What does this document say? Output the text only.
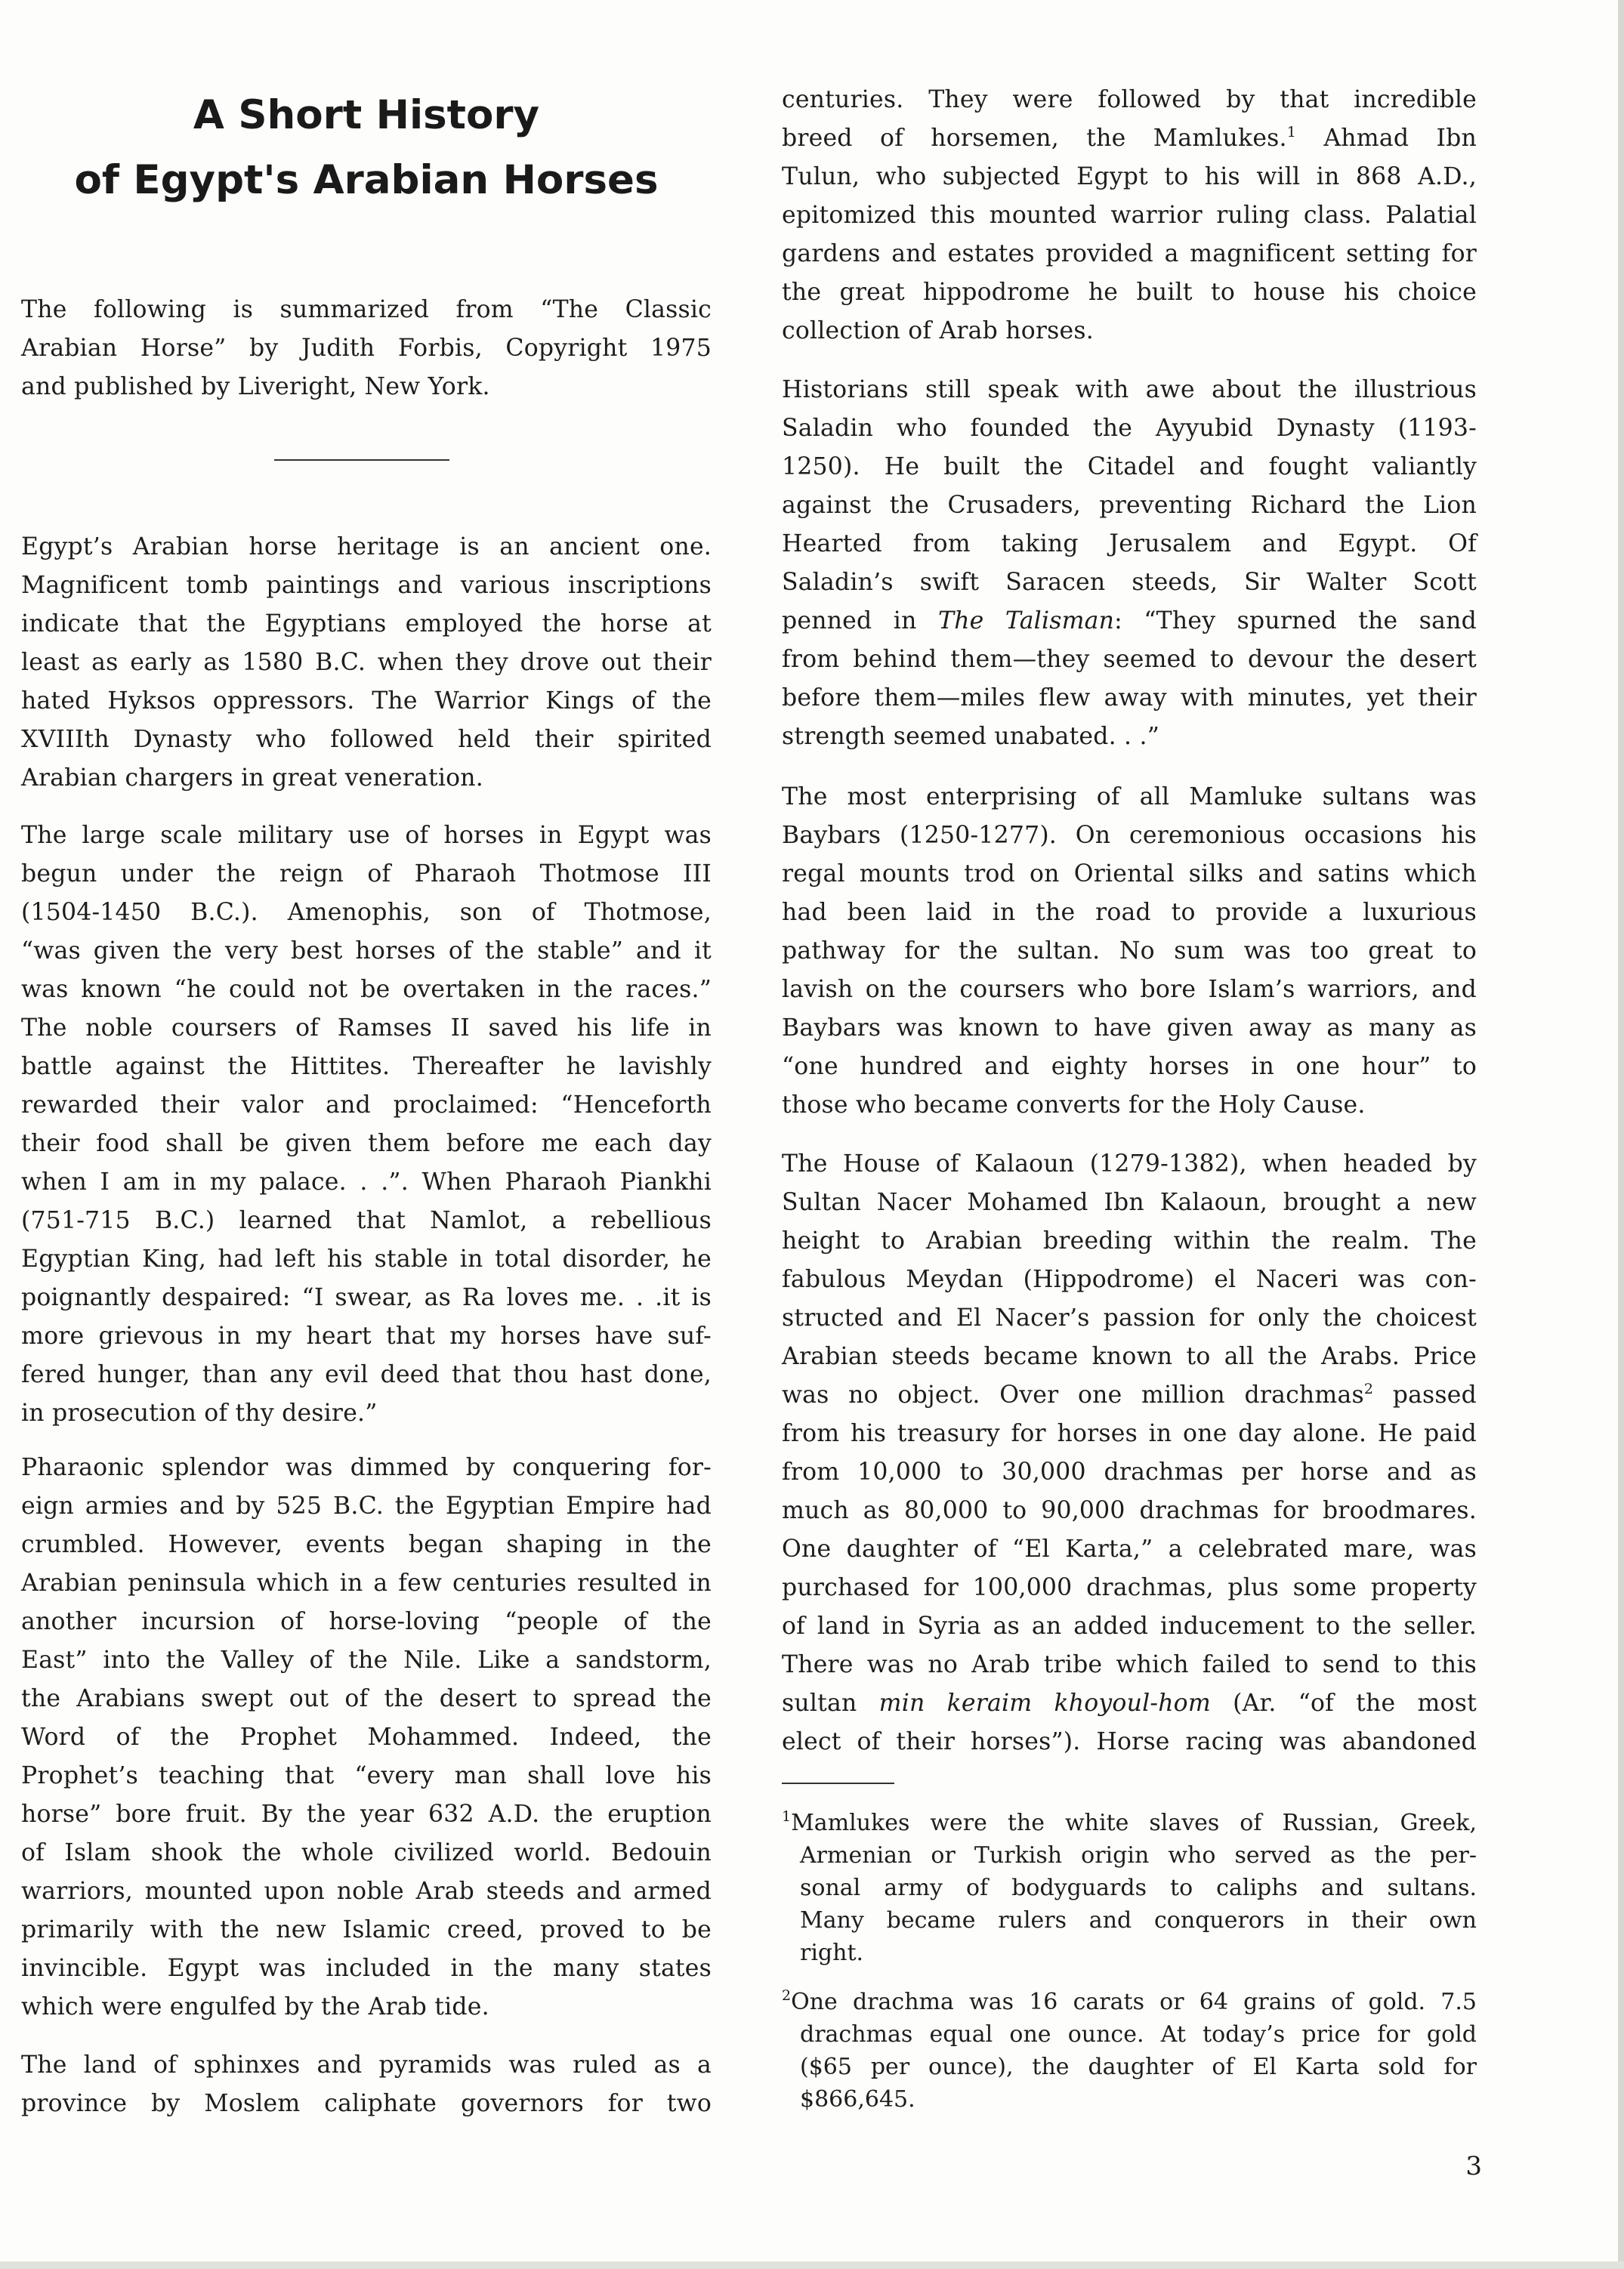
A Short History
of Egypt's Arabian Horses

The following is summarized from “The Classic
Arabian Horse” by Judith Forbis, Copyright 1975
and published by Liveright, New York.

Egypt’s Arabian horse heritage is an ancient one.
Magnificent tomb paintings and various inscriptions
indicate that the Egyptians employed the horse at
least as early as 1580 B.C. when they drove out their
hated Hyksos oppressors. The Warrior Kings of the
XVIIIth Dynasty who followed held their spirited
Arabian chargers in great veneration.

The large scale military use of horses in Egypt was
begun under the reign of Pharaoh Thotmose III
(1504-1450 B.C.). Amenophis, son of Thotmose,
“was given the very best horses of the stable” and it
was known “he could not be overtaken in the races.”
The noble coursers of Ramses II saved his life in
battle against the Hittites. Thereafter he lavishly
rewarded their valor and proclaimed: “Henceforth
their food shall be given them before me each day
when I am in my palace. . .”. When Pharaoh Piankhi
(751-715 B.C.) learned that Namlot, a rebellious
Egyptian King, had left his stable in total disorder, he
poignantly despaired: “I swear, as Ra loves me. . .it is
more grievous in my heart that my horses have suf-
fered hunger, than any evil deed that thou hast done,
in prosecution of thy desire.”

Pharaonic splendor was dimmed by conquering for-
eign armies and by 525 B.C. the Egyptian Empire had
crumbled. However, events began shaping in the
Arabian peninsula which in a few centuries resulted in
another incursion of horse-loving “people of the
East” into the Valley of the Nile. Like a sandstorm,
the Arabians swept out of the desert to spread the
Word of the Prophet Mohammed. Indeed, the
Prophet’s teaching that “every man shall love his
horse” bore fruit. By the year 632 A.D. the eruption
of Islam shook the whole civilized world. Bedouin
warriors, mounted upon noble Arab steeds and armed
primarily with the new Islamic creed, proved to be
invincible. Egypt was included in the many states
which were engulfed by the Arab tide.

The land of sphinxes and pyramids was ruled as a
province by Moslem caliphate governors for two

centuries. They were followed by that incredible
breed of horsemen, the Mamlukes.$^1$ Ahmad Ibn
Tulun, who subjected Egypt to his will in 868 A.D.,
epitomized this mounted warrior ruling class. Palatial
gardens and estates provided a magnificent setting for
the great hippodrome he built to house his choice
collection of Arab horses.

Historians still speak with awe about the illustrious
Saladin who founded the Ayyubid Dynasty (1193-
1250). He built the Citadel and fought valiantly
against the Crusaders, preventing Richard the Lion
Hearted from taking Jerusalem and Egypt. Of
Saladin’s swift Saracen steeds, Sir Walter Scott
penned in The Talisman: “They spurned the sand
from behind them—they seemed to devour the desert
before them—miles flew away with minutes, yet their
strength seemed unabated. . .”

The most enterprising of all Mamluke sultans was
Baybars (1250-1277). On ceremonious occasions his
regal mounts trod on Oriental silks and satins which
had been laid in the road to provide a luxurious
pathway for the sultan. No sum was too great to
lavish on the coursers who bore Islam’s warriors, and
Baybars was known to have given away as many as
“one hundred and eighty horses in one hour” to
those who became converts for the Holy Cause.

The House of Kalaoun (1279-1382), when headed by
Sultan Nacer Mohamed Ibn Kalaoun, brought a new
height to Arabian breeding within the realm. The
fabulous Meydan (Hippodrome) el Naceri was con-
structed and El Nacer’s passion for only the choicest
Arabian steeds became known to all the Arabs. Price
was no object. Over one million drachmas$^2$ passed
from his treasury for horses in one day alone. He paid
from 10,000 to 30,000 drachmas per horse and as
much as 80,000 to 90,000 drachmas for broodmares.
One daughter of “El Karta,” a celebrated mare, was
purchased for 100,000 drachmas, plus some property
of land in Syria as an added inducement to the seller.
There was no Arab tribe which failed to send to this
sultan min keraim khoyoul-hom (Ar. “of the most
elect of their horses”). Horse racing was abandoned

$^1$Mamlukes were the white slaves of Russian, Greek,
Armenian or Turkish origin who served as the per-
sonal army of bodyguards to caliphs and sultans.
Many became rulers and conquerors in their own
right.

$^2$One drachma was 16 carats or 64 grains of gold. 7.5
drachmas equal one ounce. At today’s price for gold
($65 per ounce), the daughter of El Karta sold for
$866,645.

3
